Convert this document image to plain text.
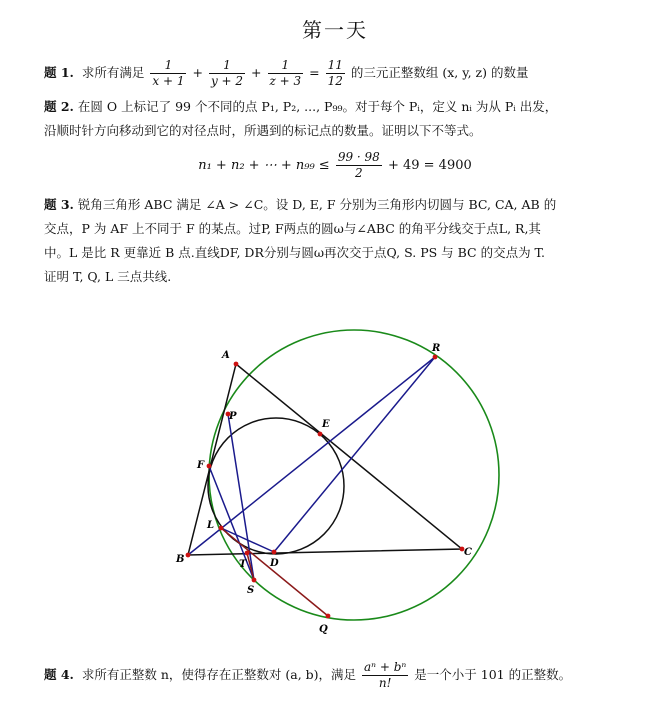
第一天
题 1. 求所有满足 $\frac{1}{x + 1} + \frac{1}{y + 2} + \frac{1}{z + 3} = \frac{11}{12}$ 的三元正整数组 (x, y, z) 的数量
题 2. 在圆 O 上标记了 99 个不同的点 P₁, P₂, ..., P₉₉。对于每个 Pᵢ，定义 nᵢ 为从 Pᵢ 出发，
沿顺时针方向移动到它的对径点时，所遇到的标记点的数量。证明以下不等式。
n₁ + n₂ + ⋯ + $n_{99} \le \frac{99 \cdot 98}{2} + 49 = 4900$
题 3. 锐角三角形 ABC 满足 ∠A > ∠C。设 D, E, F 分别为三角形内切圆与 BC, CA, AB 的
交点，P 为 AF 上不同于 F 的某点。过P, F两点的圆ω与∠ABC 的角平分线交于点L, R,其
中。L 是比 R 更靠近 B 点.直线DF, DR分别与圆ω再次交于点Q, S. PS 与 BC 的交点为 T.
证明 T, Q, L 三点共线.
A
P
F
L
B	T D
S
Q
E
R
C
题 4. 求所有正整数 n，使得存在正整数对 (a, b)，满足 $\frac{\text{aⁿ + bⁿ}}{n!}$ 是一个小于 101 的正整数。
